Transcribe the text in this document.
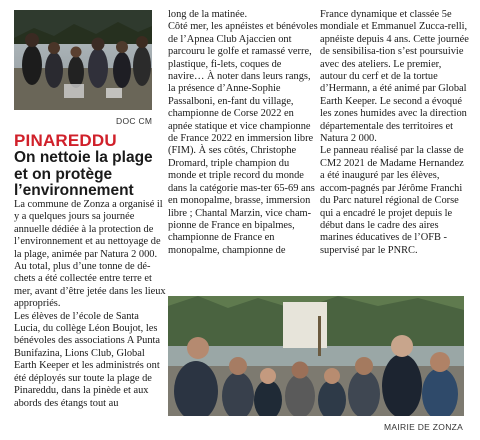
DOC CM
PINAREDDU
On nettoie la plage et on protège l’environnement

La commune de Zonza a organisé il y a quelques jours sa journée annuelle dédiée à la protection de l’environnement et au nettoyage de la plage, animée par Natura 2 000. Au total, plus d’une tonne de dé-chets a été collectée entre terre et mer, avant d’être jetée dans les lieux appropriés.
Les élèves de l’école de Santa Lucia, du collège Léon Boujot, les bénévoles des associations A Punta Bunifazina, Lions Club, Global Earth Keeper et les administrés ont été déployés sur toute la plage de Pinareddu, dans la pinède et aux abords des étangs tout au

long de la matinée.
Côté mer, les apnéistes et bénévoles de l’Apnea Club Ajaccien ont parcouru le golfe et ramassé verre, plastique, fi-lets, coques de navire… À noter dans leurs rangs, la présence d’Anne-Sophie Passalboni, en-fant du village, championne de Corse 2022 en apnée statique et vice championne de France 2022 en immersion libre (FIM). À ses côtés, Christophe Dromard, triple champion du monde et triple record du monde dans la catégorie mas-ter 65-69 ans en monopalme, brasse, immersion libre ; Chantal Marzin, vice cham-pionne de France en bipalmes, championne de France en monopalme, championne de

France dynamique et classée 5e mondiale et Emmanuel Zucca-relli, apnéiste depuis 4 ans. Cette journée de sensibilisa-tion s’est poursuivie avec des ateliers. Le premier, autour du cerf et de la tortue d’Hermann, a été animé par Global Earth Keeper. Le second a évoqué les zones humides avec la direction départementale des territoires et Natura 2 000.
Le panneau réalisé par la classe de CM2 2021 de Madame Hernandez a été inauguré par les élèves, accom-pagnés par Jérôme Franchi du Parc naturel régional de Corse qui a encadré le projet depuis le début dans le cadre des aires marines éducatives de l’OFB - supervisé par le PNRC.

MAIRIE DE ZONZA
